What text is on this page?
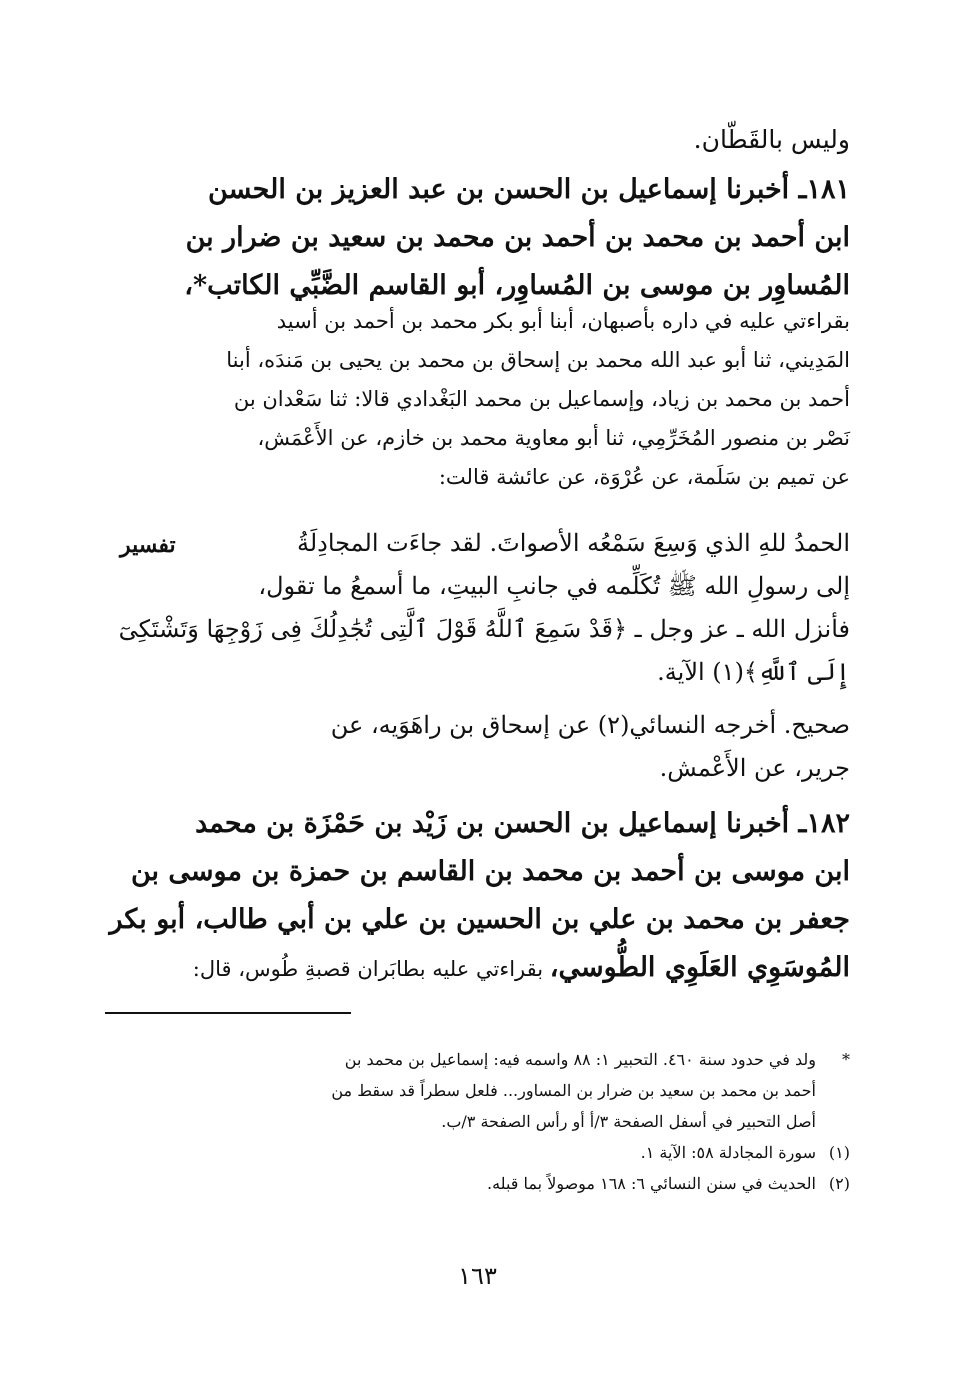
وليس بالقَطّان.
١٨١ـ أخبرنا إسماعيل بن الحسن بن عبد العزيز بن الحسن
ابن أحمد بن محمد بن أحمد بن محمد بن سعيد بن ضرار بن
المُساوِر بن موسى بن المُساوِر، أبو القاسم الضَّبِّي الكاتب*،
بقراءتي عليه في داره بأصبهان، أبنا أبو بكر محمد بن أحمد بن أسيد
المَدِيني، ثنا أبو عبد الله محمد بن إسحاق بن محمد بن يحيى بن مَندَه، أبنا
أحمد بن محمد بن زياد، وإسماعيل بن محمد البَغْدادي قالا: ثنا سَعْدان بن
نَصْر بن منصور المُخَرِّمِي، ثنا أبو معاوية محمد بن خازم، عن الأَعْمَش،
عن تميم بن سَلَمة، عن عُرْوَة، عن عائشة قالت:
الحمدُ للهِ الذي وَسِعَ سَمْعُه الأصواتَ. لقد جاءَت المجادِلَةُ
إلى رسولِ الله ﷺ تُكَلِّمه في جانبِ البيتِ، ما أسمعُ ما تقول،
فأنزل الله ـ عز وجل ـ ﴿قَدْ سَمِعَ ٱللَّهُ قَوْلَ ٱلَّتِى تُجَٰدِلُكَ فِى زَوْجِهَا وَتَشْتَكِىٓ
إِلَى ٱللَّهِ﴾(١) الآية.
تفسير
صحيح. أخرجه النسائي(٢) عن إسحاق بن راهَوَيه، عن
جرير، عن الأَعْمش.
١٨٢ـ أخبرنا إسماعيل بن الحسن بن زَيْد بن حَمْزَة بن محمد
ابن موسى بن أحمد بن محمد بن القاسم بن حمزة بن موسى بن
جعفر بن محمد بن علي بن الحسين بن علي بن أبي طالب، أبو بكر
المُوسَوِي العَلَوِي الطُّوسي، بقراءتي عليه بطابَران قصبةِ طُوس، قال:
*
ولد في حدود سنة ٤٦٠. التحبير ١: ٨٨ واسمه فيه: إسماعيل بن محمد بن
أحمد بن محمد بن سعيد بن ضرار بن المساور... فلعل سطراً قد سقط من
أصل التحبير في أسفل الصفحة ٣/أ أو رأس الصفحة ٣/ب.
(١)
سورة المجادلة ٥٨: الآية ١.
(٢)
الحديث في سنن النسائي ٦: ١٦٨ موصولاً بما قبله.
١٦٣
